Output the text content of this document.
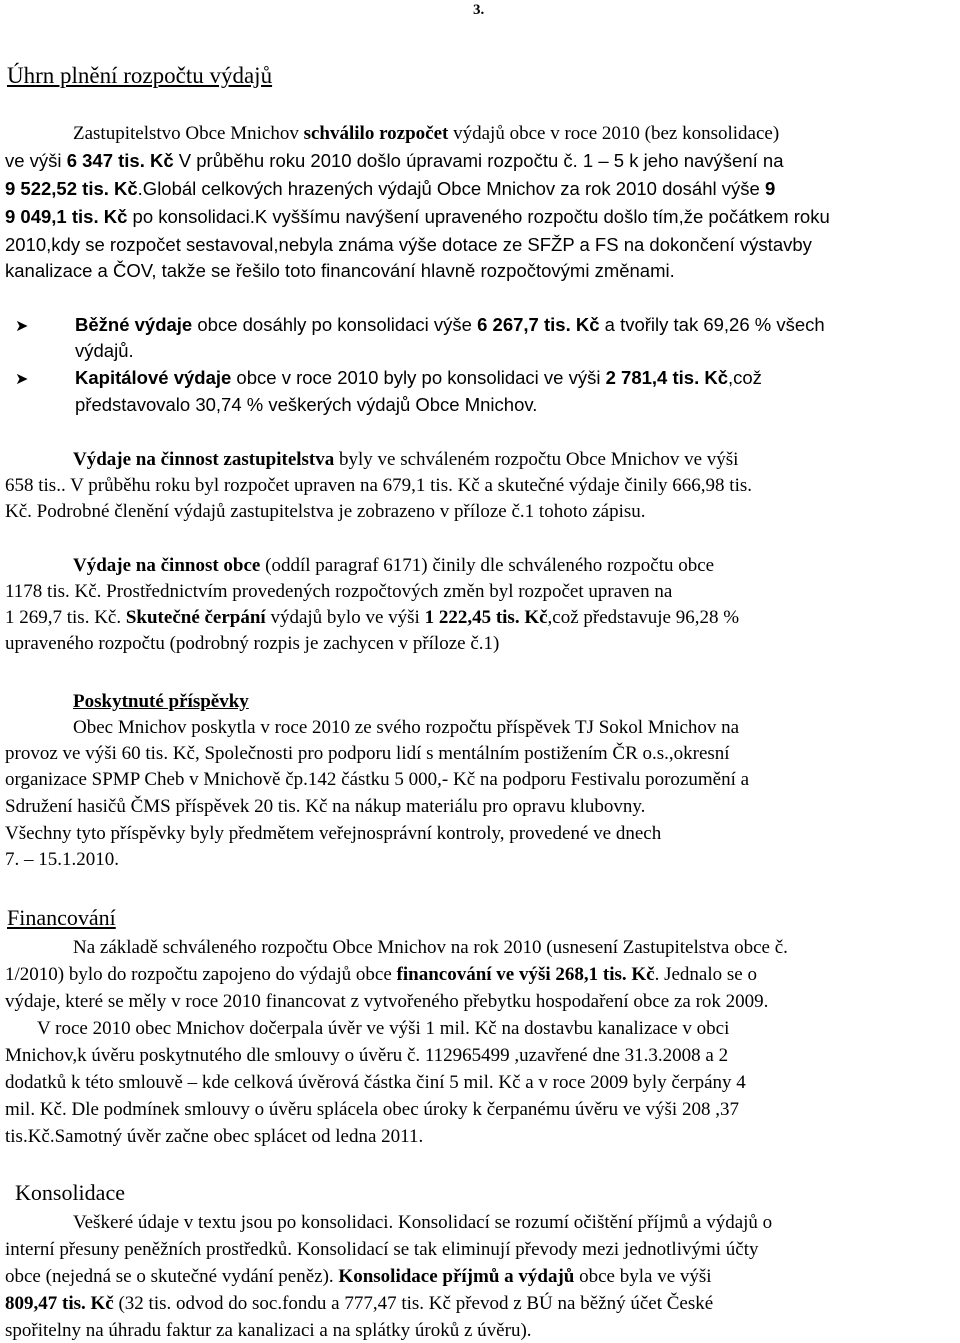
3.
Úhrn plnění rozpočtu výdajů
Zastupitelstvo Obce Mnichov schválilo rozpočet výdajů obce v roce 2010 (bez konsolidace)
ve výši 6 347 tis. Kč V průběhu roku 2010 došlo úpravami rozpočtu č. 1 – 5 k jeho navýšení na
9 522,52 tis. Kč.Globál celkových hrazených výdajů Obce Mnichov za rok 2010 dosáhl výše 9
9 049,1 tis. Kč po konsolidaci.K vyššímu navýšení upraveného rozpočtu došlo tím,že počátkem roku
2010,kdy se rozpočet sestavoval,nebyla známa výše dotace ze SFŽP a FS na dokončení výstavby
kanalizace a ČOV, takže se řešilo toto financování hlavně rozpočtovými změnami.
➤	Běžné výdaje obce dosáhly po konsolidaci výše 6 267,7 tis. Kč a tvořily tak 69,26 % všech
výdajů.
➤	Kapitálové výdaje obce v roce 2010 byly po konsolidaci ve výši 2 781,4 tis. Kč,což
představovalo 30,74 % veškerých výdajů Obce Mnichov.
Výdaje na činnost zastupitelstva byly ve schváleném rozpočtu Obce Mnichov ve výši
658 tis.. V průběhu roku byl rozpočet upraven na 679,1 tis. Kč a skutečné výdaje činily 666,98 tis.
Kč. Podrobné členění výdajů zastupitelstva je zobrazeno v příloze č.1 tohoto zápisu.
Výdaje na činnost obce (oddíl paragraf 6171) činily dle schváleného rozpočtu obce
1178 tis. Kč. Prostřednictvím provedených rozpočtových změn byl rozpočet upraven na
1 269,7 tis. Kč. Skutečné čerpání výdajů bylo ve výši 1 222,45 tis. Kč,což představuje 96,28 %
upraveného rozpočtu (podrobný rozpis je zachycen v příloze č.1)
Poskytnuté příspěvky
Obec Mnichov poskytla v roce 2010 ze svého rozpočtu příspěvek TJ Sokol Mnichov na
provoz ve výši 60 tis. Kč, Společnosti pro podporu lidí s mentálním postižením ČR o.s.,okresní
organizace SPMP Cheb v Mnichově čp.142 částku 5 000,- Kč na podporu Festivalu porozumění a
Sdružení hasičů ČMS příspěvek 20 tis. Kč na nákup materiálu pro opravu klubovny.
Všechny tyto příspěvky byly předmětem veřejnosprávní kontroly, provedené ve dnech
7. – 15.1.2010.
Financování
Na základě schváleného rozpočtu Obce Mnichov na rok 2010 (usnesení Zastupitelstva obce č.
1/2010) bylo do rozpočtu zapojeno do výdajů obce financování ve výši 268,1 tis. Kč. Jednalo se o
výdaje, které se měly v roce 2010 financovat z vytvořeného přebytku hospodaření obce za rok 2009.
V roce 2010 obec Mnichov dočerpala úvěr ve výši 1 mil. Kč na dostavbu kanalizace v obci
Mnichov,k úvěru poskytnutého dle smlouvy o úvěru č. 112965499 ,uzavřené dne 31.3.2008 a 2
dodatků k této smlouvě – kde celková úvěrová částka činí 5 mil. Kč a v roce 2009 byly čerpány 4
mil. Kč. Dle podmínek smlouvy o úvěru splácela obec úroky k čerpanému úvěru ve výši 208 ,37
tis.Kč.Samotný úvěr začne obec splácet od ledna 2011.
Konsolidace
Veškeré údaje v textu jsou po konsolidaci. Konsolidací se rozumí očištění příjmů a výdajů o
interní přesuny peněžních prostředků. Konsolidací se tak eliminují převody mezi jednotlivými účty
obce (nejedná se o skutečné vydání peněz). Konsolidace příjmů a výdajů obce byla ve výši
809,47 tis. Kč (32 tis. odvod do soc.fondu a 777,47 tis. Kč převod z BÚ na běžný účet České
spořitelny na úhradu faktur za kanalizaci a na splátky úroků z úvěru).
